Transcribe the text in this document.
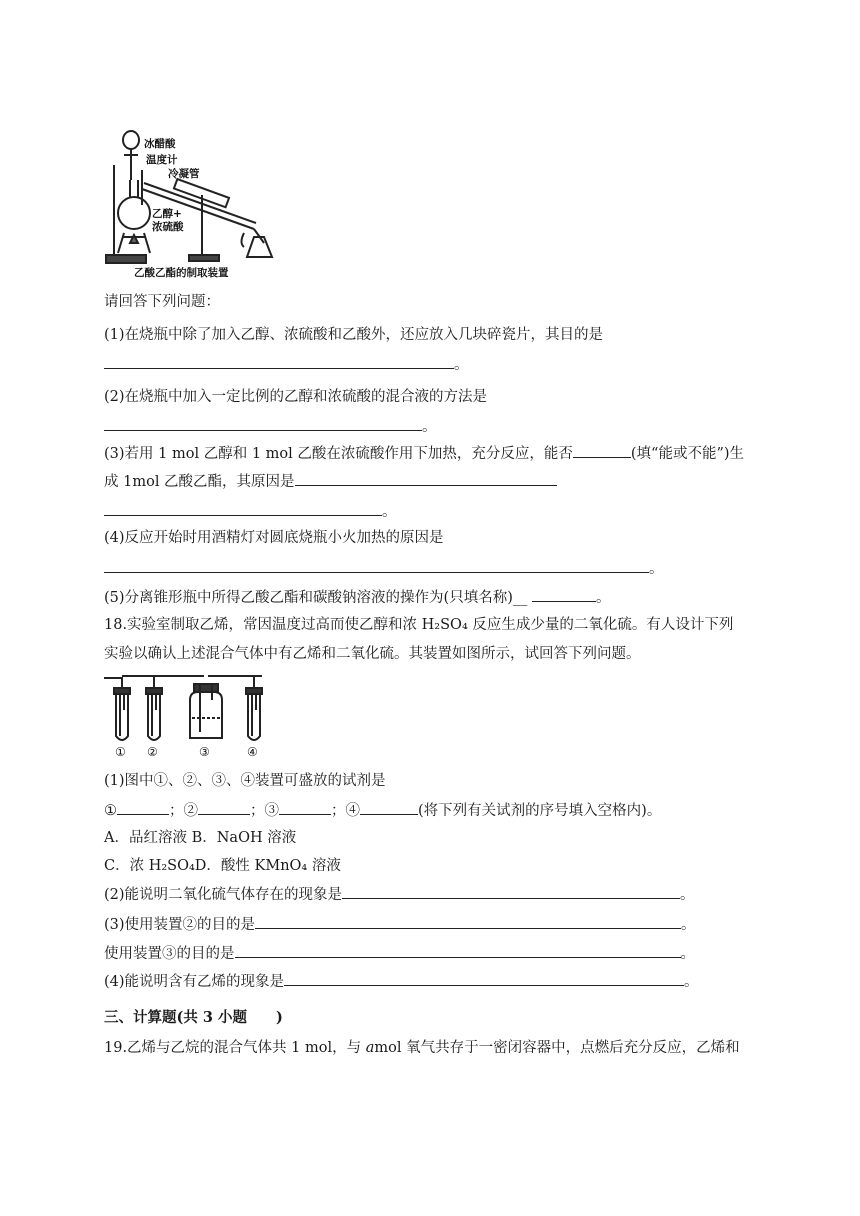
冰醋酸
温度计
冷凝管
乙醇+
浓硫酸
乙酸乙酯的制取装置
请回答下列问题：
(1)在烧瓶中除了加入乙醇、浓硫酸和乙酸外，还应放入几块碎瓷片，其目的是
。
(2)在烧瓶中加入一定比例的乙醇和浓硫酸的混合液的方法是
。
(3)若用 1 mol 乙醇和 1 mol 乙酸在浓硫酸作用下加热，充分反应，能否	(填“能或不能”)生
成 1mol 乙酸乙酯，其原因是
。
(4)反应开始时用酒精灯对圆底烧瓶小火加热的原因是
。
(5)分离锥形瓶中所得乙酸乙酯和碳酸钠溶液的操作为(只填名称)__	。
18.实验室制取乙烯，常因温度过高而使乙醇和浓 H₂SO₄ 反应生成少量的二氧化硫。有人设计下列
实验以确认上述混合气体中有乙烯和二氧化硫。其装置如图所示，试回答下列问题。
① ②	③	④
(1)图中①、②、③、④装置可盛放的试剂是
①	；②	；③	；④	(将下列有关试剂的序号填入空格内)。
A．品红溶液 B．NaOH 溶液
C．浓 H₂SO₄D．酸性 KMnO₄ 溶液
(2)能说明二氧化硫气体存在的现象是	。
(3)使用装置②的目的是	。
使用装置③的目的是	。
(4)能说明含有乙烯的现象是	。
三、计算题(共 3 小题　　)
19.乙烯与乙烷的混合气体共 1 mol，与 amol 氧气共存于一密闭容器中，点燃后充分反应，乙烯和
